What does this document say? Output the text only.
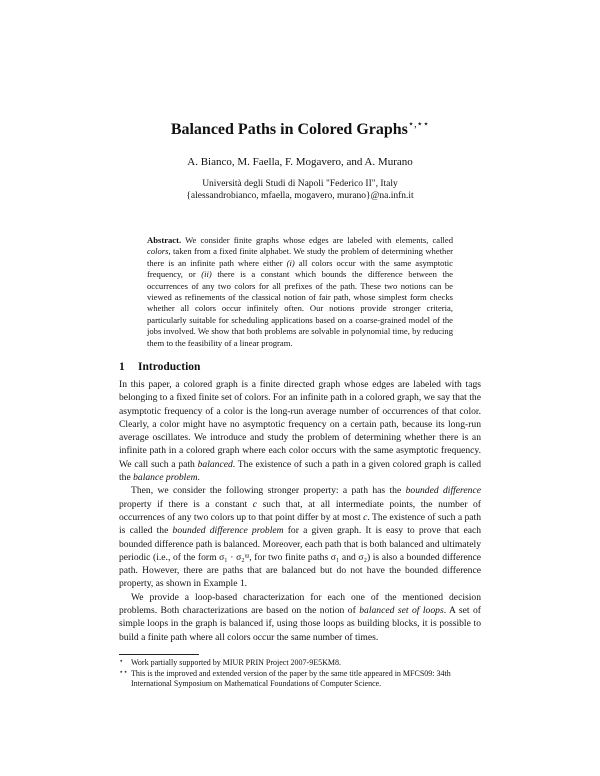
Balanced Paths in Colored Graphs⋆,⋆⋆
A. Bianco, M. Faella, F. Mogavero, and A. Murano
Università degli Studi di Napoli "Federico II", Italy
{alessandrobianco, mfaella, mogavero, murano}@na.infn.it
Abstract. We consider finite graphs whose edges are labeled with elements, called colors, taken from a fixed finite alphabet. We study the problem of determining whether there is an infinite path where either (i) all colors occur with the same asymptotic frequency, or (ii) there is a constant which bounds the difference between the occurrences of any two colors for all prefixes of the path. These two notions can be viewed as refinements of the classical notion of fair path, whose simplest form checks whether all colors occur infinitely often. Our notions provide stronger criteria, particularly suitable for scheduling applications based on a coarse-grained model of the jobs involved. We show that both problems are solvable in polynomial time, by reducing them to the feasibility of a linear program.
1 Introduction

In this paper, a colored graph is a finite directed graph whose edges are labeled with tags belonging to a fixed finite set of colors. For an infinite path in a colored graph, we say that the asymptotic frequency of a color is the long-run average number of occurrences of that color. Clearly, a color might have no asymptotic frequency on a certain path, because its long-run average oscillates. We introduce and study the problem of determining whether there is an infinite path in a colored graph where each color occurs with the same asymptotic frequency. We call such a path balanced. The existence of such a path in a given colored graph is called the balance problem.

Then, we consider the following stronger property: a path has the bounded difference property if there is a constant c such that, at all intermediate points, the number of occurrences of any two colors up to that point differ by at most c. The existence of such a path is called the bounded difference problem for a given graph. It is easy to prove that each bounded difference path is balanced. Moreover, each path that is both balanced and ultimately periodic (i.e., of the form σ₁ · σ₂ᵚ, for two finite paths σ₁ and σ₂) is also a bounded difference path. However, there are paths that are balanced but do not have the bounded difference property, as shown in Example 1.

We provide a loop-based characterization for each one of the mentioned decision problems. Both characterizations are based on the notion of balanced set of loops. A set of simple loops in the graph is balanced if, using those loops as building blocks, it is possible to build a finite path where all colors occur the same number of times.

⋆ Work partially supported by MIUR PRIN Project 2007-9E5KM8.
⋆⋆ This is the improved and extended version of the paper by the same title appeared in MFCS09: 34th International Symposium on Mathematical Foundations of Computer Science.
